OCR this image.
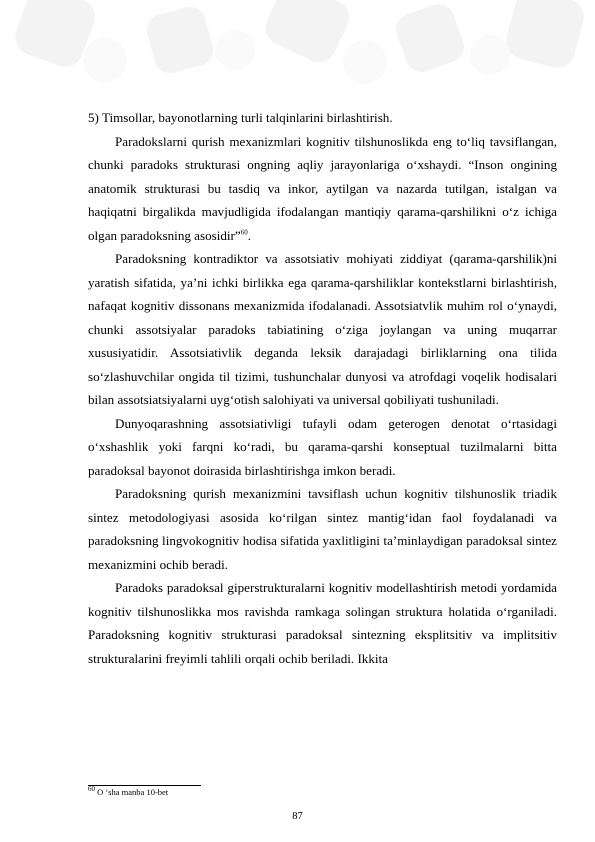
5) Timsollar, bayonotlarning turli talqinlarini birlashtirish.

Paradokslarni qurish mexanizmlari kognitiv tilshunoslikda eng to‘liq tavsiflangan, chunki paradoks strukturasi ongning aqliy jarayonlariga o‘xshaydi. “Inson ongining anatomik strukturasi bu tasdiq va inkor, aytilgan va nazarda tutilgan, istalgan va haqiqatni birgalikda mavjudligida ifodalangan mantiqiy qarama-qarshilikni o‘z ichiga olgan paradoksning asosidir”$^{60}$.

Paradoksning kontradiktor va assotsiativ mohiyati ziddiyat (qarama-qarshilik)ni yaratish sifatida, ya’ni ichki birlikka ega qarama-qarshiliklar kontekstlarni birlashtirish, nafaqat kognitiv dissonans mexanizmida ifodalanadi. Assotsiatvlik muhim rol o‘ynaydi, chunki assotsiyalar paradoks tabiatining o‘ziga joylangan va uning muqarrar xususiyatidir. Assotsiativlik deganda leksik darajadagi birliklarning ona tilida so‘zlashuvchilar ongida til tizimi, tushunchalar dunyosi va atrofdagi voqelik hodisalari bilan assotsiatsiyalarni uyg‘otish salohiyati va universal qobiliyati tushuniladi.

Dunyoqarashning assotsiativligi tufayli odam geterogen denotat o‘rtasidagi o‘xshashlik yoki farqni ko‘radi, bu qarama-qarshi konseptual tuzilmalarni bitta paradoksal bayonot doirasida birlashtirishga imkon beradi.

Paradoksning qurish mexanizmini tavsiflash uchun kognitiv tilshunoslik triadik sintez metodologiyasi asosida ko‘rilgan sintez mantig‘idan faol foydalanadi va paradoksning lingvokognitiv hodisa sifatida yaxlitligini ta’minlaydigan paradoksal sintez mexanizmini ochib beradi.

Paradoks paradoksal giperstrukturalarni kognitiv modellashtirish metodi yordamida kognitiv tilshunoslikka mos ravishda ramkaga solingan struktura holatida o‘rganiladi. Paradoksning kognitiv strukturasi paradoksal sintezning eksplitsitiv va implitsitiv strukturalarini freyimli tahlili orqali ochib beriladi. Ikkita

$^{60}$ O ‘sha manba 10-bet
87
